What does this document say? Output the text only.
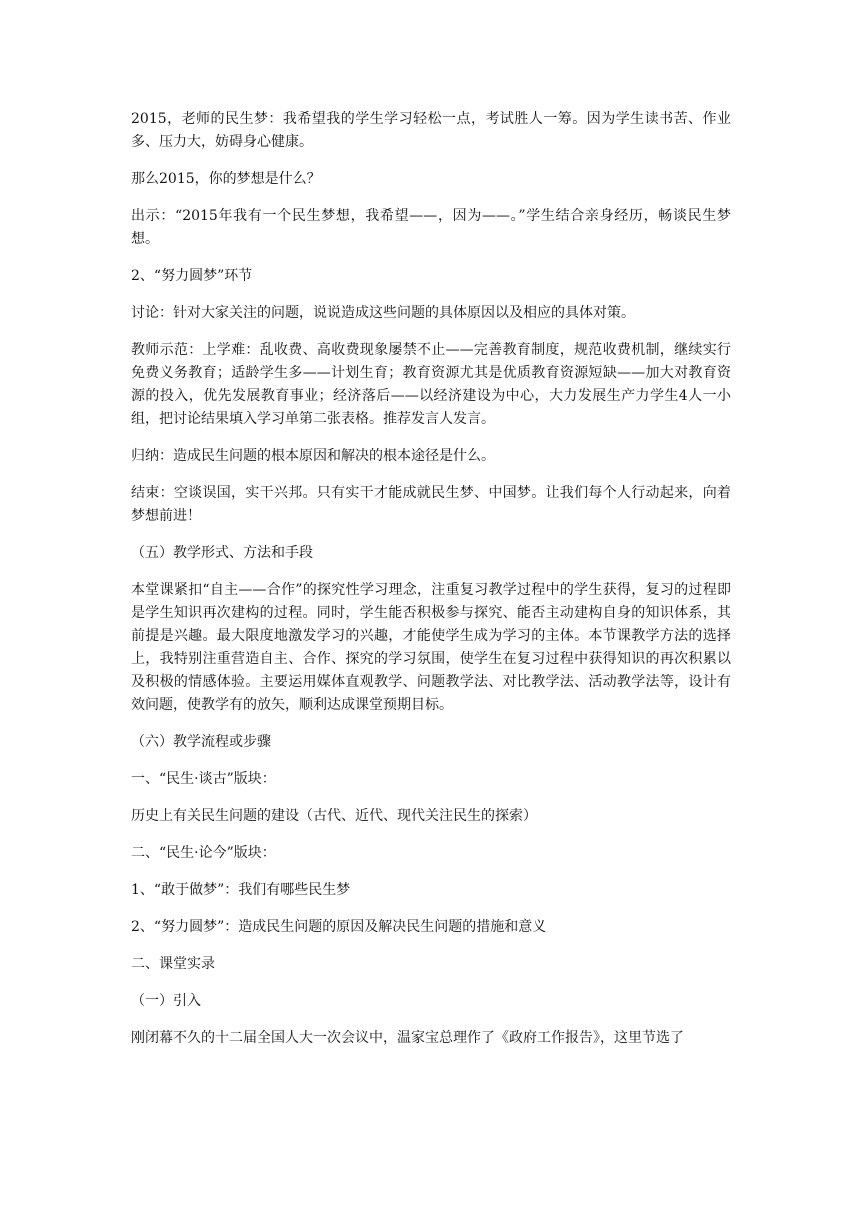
2015，老师的民生梦：我希望我的学生学习轻松一点，考试胜人一筹。因为学生读书苦、作业多、压力大，妨碍身心健康。

那么2015，你的梦想是什么？

出示：“2015年我有一个民生梦想，我希望——，因为——。”学生结合亲身经历，畅谈民生梦想。

2、“努力圆梦”环节

讨论：针对大家关注的问题，说说造成这些问题的具体原因以及相应的具体对策。

教师示范：上学难：乱收费、高收费现象屡禁不止——完善教育制度，规范收费机制，继续实行免费义务教育；适龄学生多——计划生育；教育资源尤其是优质教育资源短缺——加大对教育资源的投入，优先发展教育事业；经济落后——以经济建设为中心，大力发展生产力学生4人一小组，把讨论结果填入学习单第二张表格。推荐发言人发言。

归纳：造成民生问题的根本原因和解决的根本途径是什么。

结束：空谈误国，实干兴邦。只有实干才能成就民生梦、中国梦。让我们每个人行动起来，向着梦想前进！

（五）教学形式、方法和手段

本堂课紧扣“自主——合作”的探究性学习理念，注重复习教学过程中的学生获得，复习的过程即是学生知识再次建构的过程。同时，学生能否积极参与探究、能否主动建构自身的知识体系，其前提是兴趣。最大限度地激发学习的兴趣，才能使学生成为学习的主体。本节课教学方法的选择上，我特别注重营造自主、合作、探究的学习氛围，使学生在复习过程中获得知识的再次积累以及积极的情感体验。主要运用媒体直观教学、问题教学法、对比教学法、活动教学法等，设计有效问题，使教学有的放矢，顺利达成课堂预期目标。

（六）教学流程或步骤

一、“民生·谈古”版块：

历史上有关民生问题的建设（古代、近代、现代关注民生的探索）

二、“民生·论今”版块：

1、“敢于做梦”：我们有哪些民生梦

2、“努力圆梦”：造成民生问题的原因及解决民生问题的措施和意义

二、课堂实录

（一）引入

刚闭幕不久的十二届全国人大一次会议中，温家宝总理作了《政府工作报告》，这里节选了
